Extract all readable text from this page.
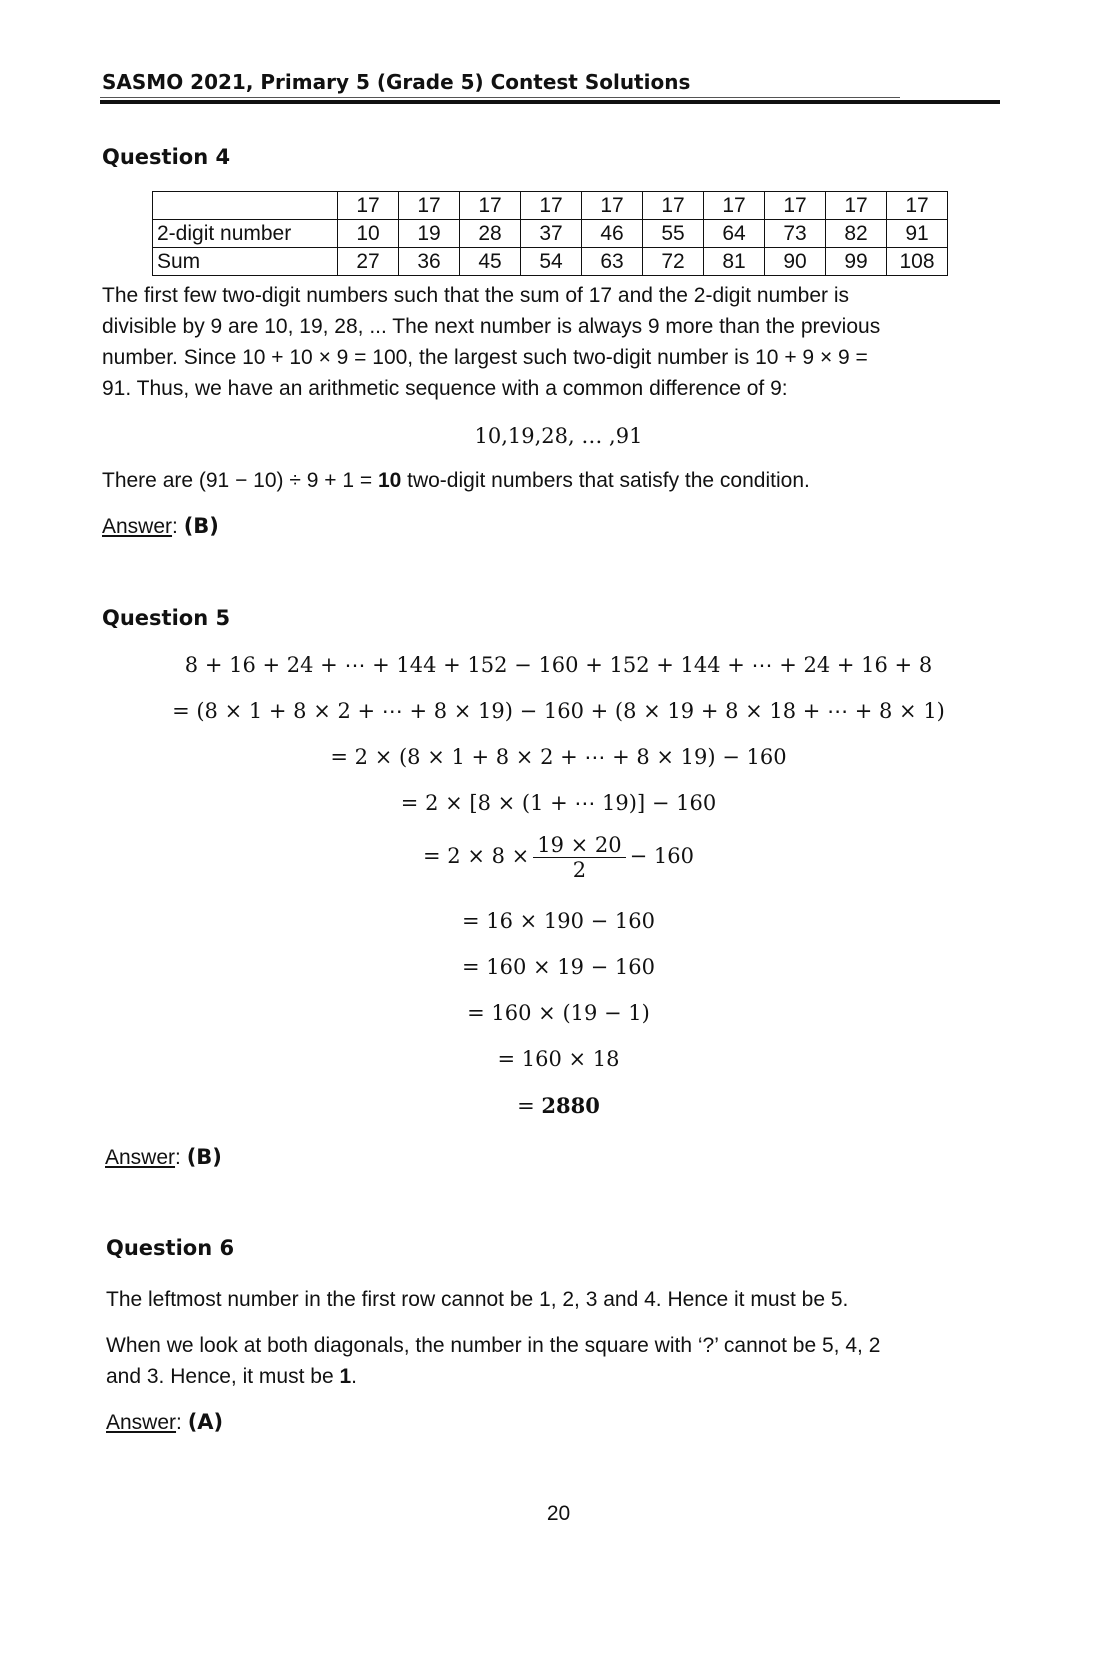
SASMO 2021, Primary 5 (Grade 5) Contest Solutions
Question 4
	17	17	17	17	17	17	17	17	17	17
2-digit number	10	19	28	37	46	55	64	73	82	91
Sum	27	36	45	54	63	72	81	90	99	108
The first few two-digit numbers such that the sum of 17 and the 2-digit number is
divisible by 9 are 10, 19, 28, ... The next number is always 9 more than the previous
number. Since 10 + 10 × 9 = 100, the largest such two-digit number is 10 + 9 × 9 =
91. Thus, we have an arithmetic sequence with a common difference of 9:
10,19,28, … ,91
There are (91 − 10) ÷ 9 + 1 = 10 two-digit numbers that satisfy the condition.
Answer: (B)
Question 5
8 + 16 + 24 + ⋯ + 144 + 152 − 160 + 152 + 144 + ⋯ + 24 + 16 + 8
= (8 × 1 + 8 × 2 + ⋯ + 8 × 19) − 160 + (8 × 19 + 8 × 18 + ⋯ + 8 × 1)
= 2 × (8 × 1 + 8 × 2 + ⋯ + 8 × 19) − 160
= 2 × [8 × (1 + ⋯ 19)] − 160
= $2 \times 8 \times \frac{19 \times 20}{2} - 160$
= 16 × 190 − 160
= 160 × 19 − 160
= 160 × (19 − 1)
= 160 × 18
= 2880
Answer: (B)
Question 6
The leftmost number in the first row cannot be 1, 2, 3 and 4. Hence it must be 5.
When we look at both diagonals, the number in the square with ‘?’ cannot be 5, 4, 2
and 3. Hence, it must be 1.
Answer: (A)
20
